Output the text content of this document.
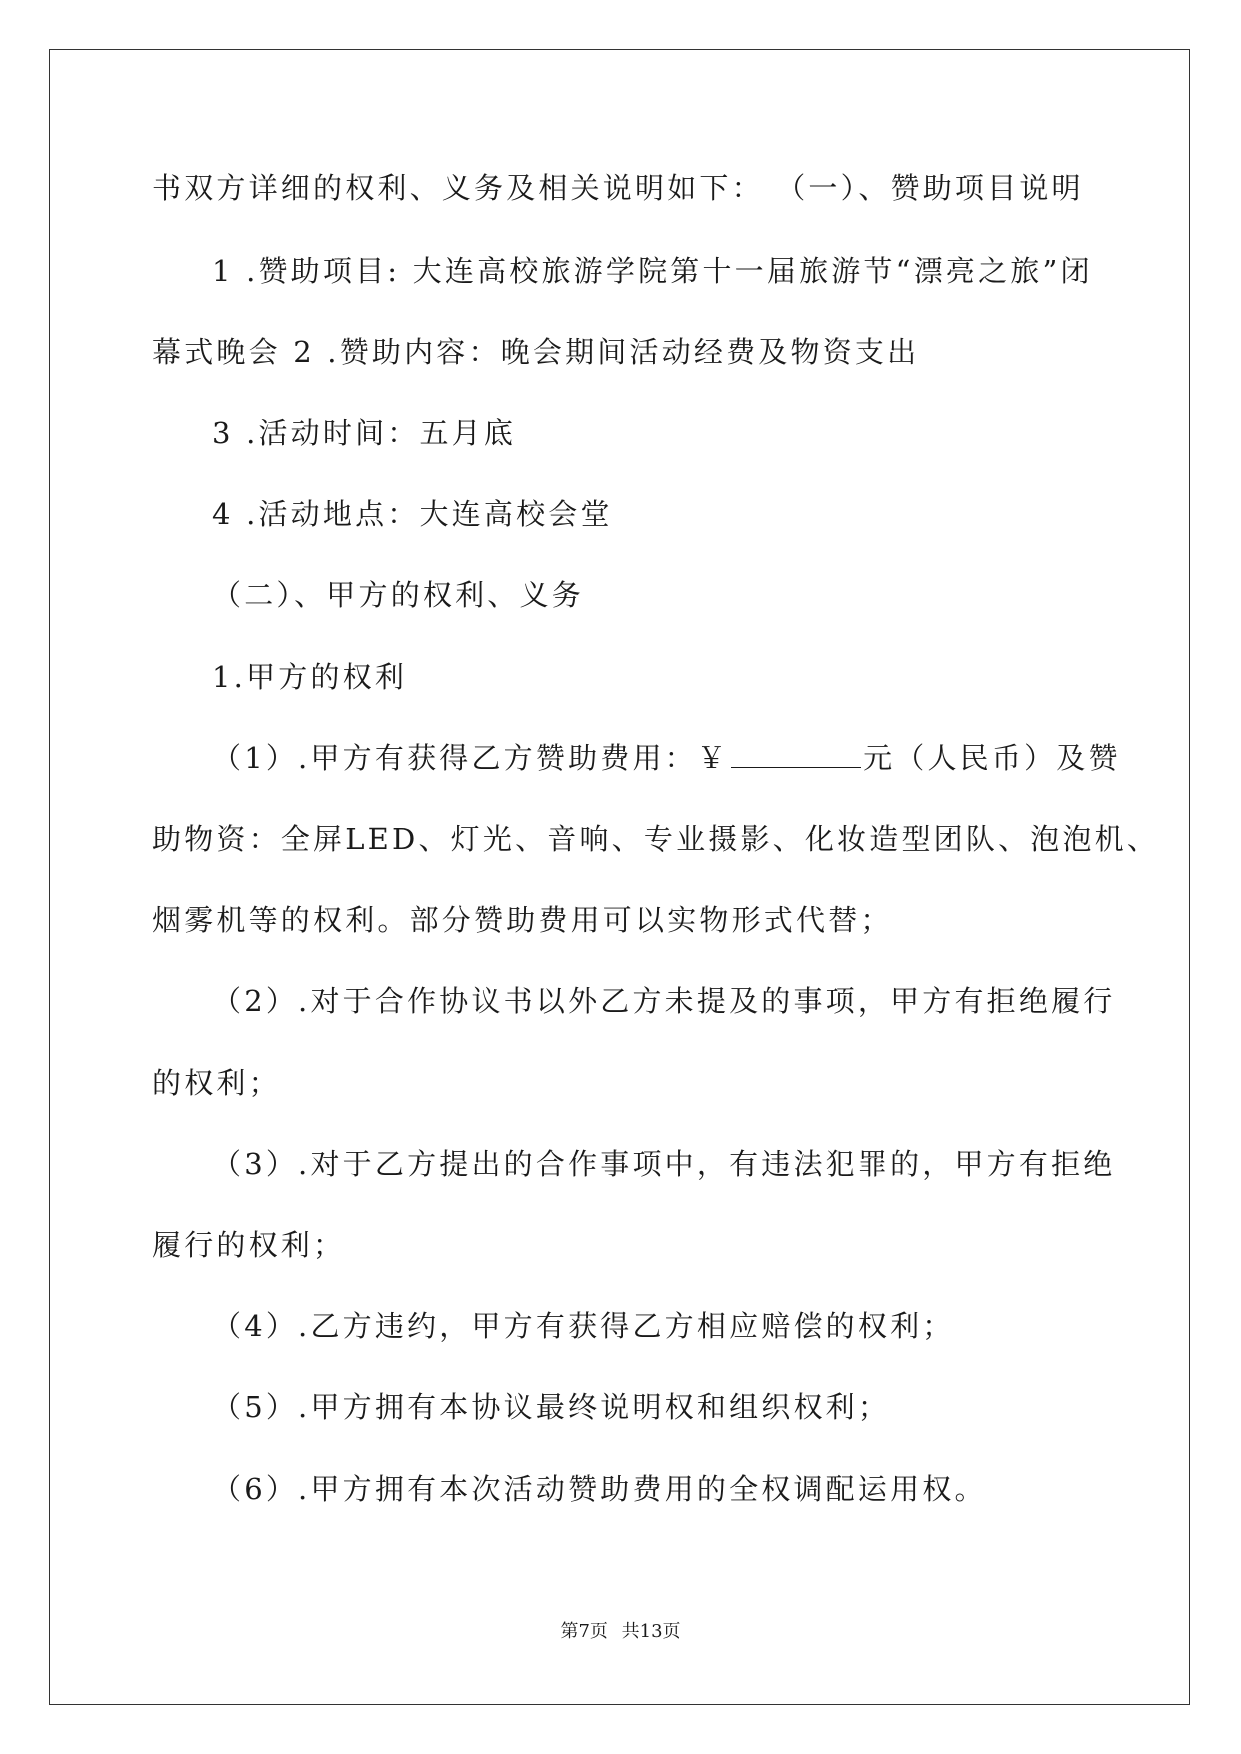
书双方详细的权利、义务及相关说明如下： （一）、赞助项目说明
1 .赞助项目: 大连高校旅游学院第十一届旅游节“漂亮之旅”闭
幕式晚会 2 .赞助内容：晚会期间活动经费及物资支出
3 .活动时间：五月底
4 .活动地点：大连高校会堂
（二）、甲方的权利、义务
1.甲方的权利
（1）.甲方有获得乙方赞助费用：￥	元（人民币）及赞
助物资：全屏LED、灯光、音响、专业摄影、化妆造型团队、泡泡机、
烟雾机等的权利。部分赞助费用可以实物形式代替；
（2）.对于合作协议书以外乙方未提及的事项，甲方有拒绝履行
的权利；
（3）.对于乙方提出的合作事项中，有违法犯罪的，甲方有拒绝
履行的权利；
（4）.乙方违约，甲方有获得乙方相应赔偿的权利；
（5）.甲方拥有本协议最终说明权和组织权利；
（6）.甲方拥有本次活动赞助费用的全权调配运用权。
第7页 共13页
